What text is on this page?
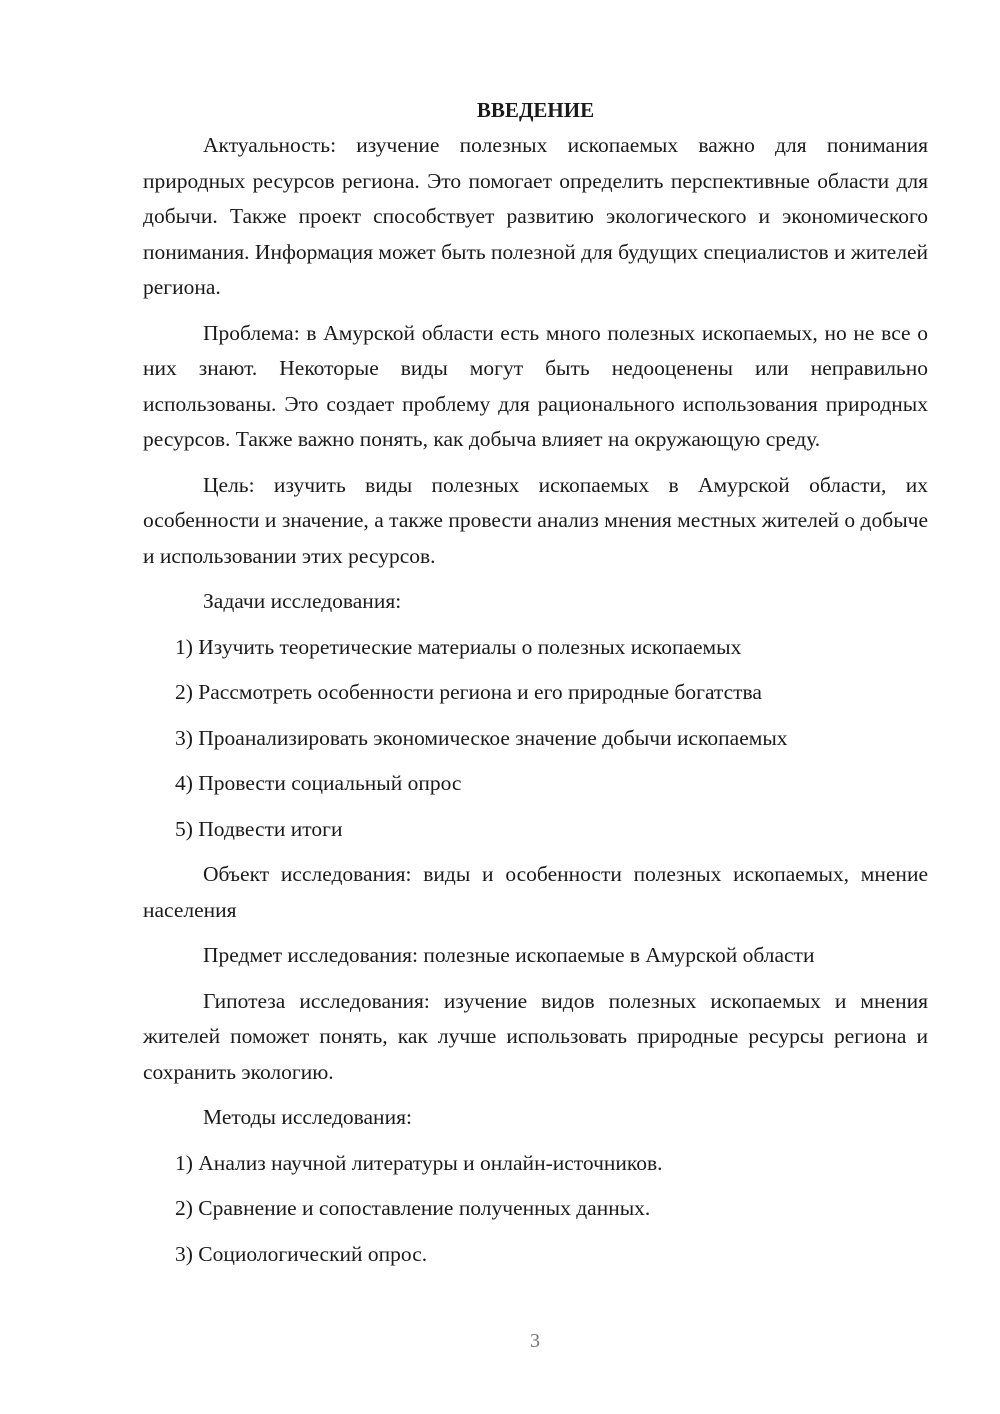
ВВЕДЕНИЕ

Актуальность: изучение полезных ископаемых важно для понимания природных ресурсов региона. Это помогает определить перспективные области для добычи. Также проект способствует развитию экологического и экономического понимания. Информация может быть полезной для будущих специалистов и жителей региона.

Проблема: в Амурской области есть много полезных ископаемых, но не все о них знают. Некоторые виды могут быть недооценены или неправильно использованы. Это создает проблему для рационального использования природных ресурсов. Также важно понять, как добыча влияет на окружающую среду.

Цель: изучить виды полезных ископаемых в Амурской области, их особенности и значение, а также провести анализ мнения местных жителей о добыче и использовании этих ресурсов.

Задачи исследования:
1) Изучить теоретические материалы о полезных ископаемых
2) Рассмотреть особенности региона и его природные богатства
3) Проанализировать экономическое значение добычи ископаемых
4) Провести социальный опрос
5) Подвести итоги

Объект исследования: виды и особенности полезных ископаемых, мнение населения

Предмет исследования: полезные ископаемые в Амурской области

Гипотеза исследования: изучение видов полезных ископаемых и мнения жителей поможет понять, как лучше использовать природные ресурсы региона и сохранить экологию.

Методы исследования:
1) Анализ научной литературы и онлайн-источников.
2) Сравнение и сопоставление полученных данных.
3) Социологический опрос.
3
